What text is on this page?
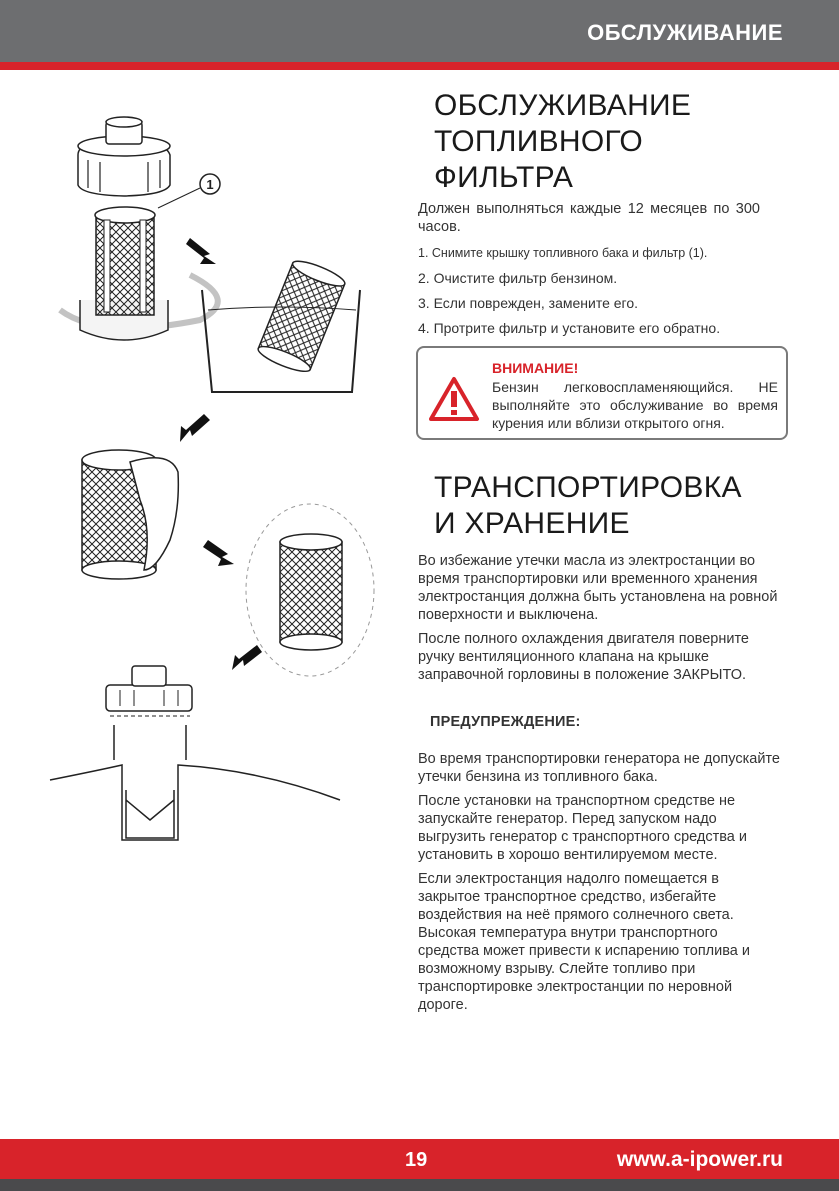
ОБСЛУЖИВАНИЕ
1
ОБСЛУЖИВАНИЕ
ТОПЛИВНОГО ФИЛЬТРА

Должен выполняться каждые 12 месяцев по 300 часов.

1. Снимите крышку топливного бака и фильтр (1).

2. Очистите фильтр бензином.

3. Если поврежден, замените его.

4. Протрите фильтр и установите его обратно.

ВНИМАНИЕ!
Бензин легковоспламеняющийся. НЕ выполняйте это обслуживание во время курения или вблизи открытого огня.
ТРАНСПОРТИРОВКА
И ХРАНЕНИЕ

Во избежание утечки масла из электростанции во время транспортировки или временного хранения электростанция должна быть установлена на ровной поверхности и выключена.

После полного охлаждения двигателя поверните ручку вентиляционного клапана на крышке заправочной горловины в положение ЗАКРЫТО.

ПРЕДУПРЕЖДЕНИЕ:

Во время транспортировки генератора не допускайте утечки бензина из топливного бака.

После установки на транспортном средстве не запускайте генератор. Перед запуском надо выгрузить генератор с транспортного средства и установить в хорошо вентилируемом месте.

Если электростанция надолго помещается в закрытое транспортное средство, избегайте воздействия на неё прямого солнечного света. Высокая температура внутри транспортного средства может привести к испарению топлива и возможному взрыву. Слейте топливо при транспортировке электростанции по неровной дороге.

19	www.a-ipower.ru
